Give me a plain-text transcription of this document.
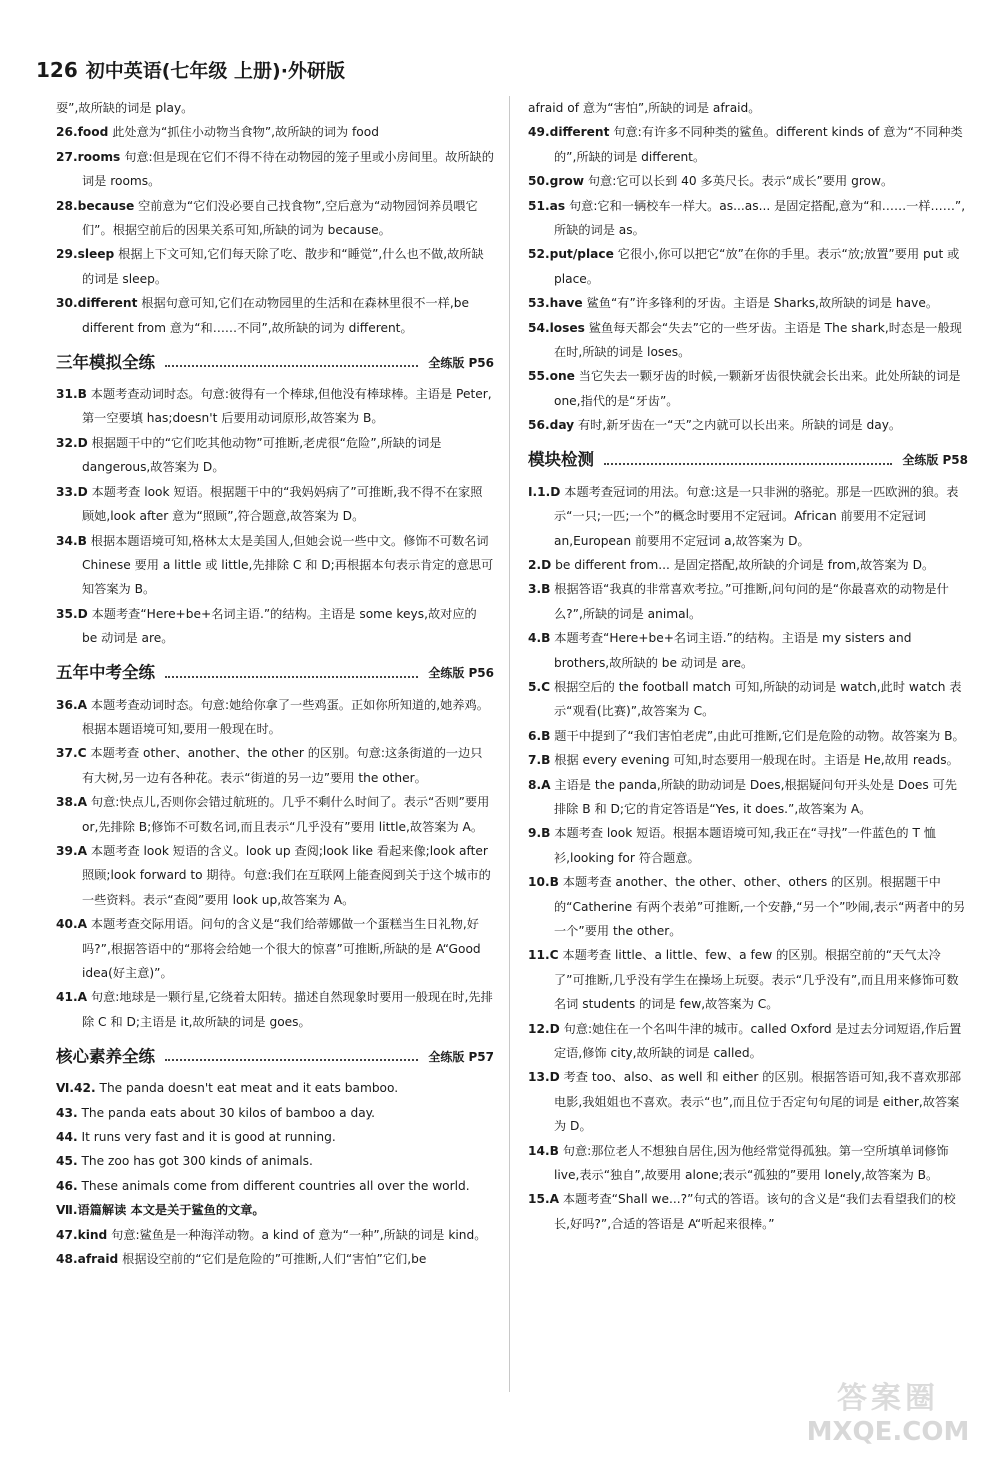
126 初中英语(七年级 上册)·外研版

耍”,故所缺的词是 play。

26.food 此处意为“抓住小动物当食物”,故所缺的词为 food

27.rooms 句意:但是现在它们不得不待在动物园的笼子里或小房间里。故所缺的词是 rooms。

28.because 空前意为“它们没必要自己找食物”,空后意为“动物园饲养员喂它们”。根据空前后的因果关系可知,所缺的词为 because。

29.sleep 根据上下文可知,它们每天除了吃、散步和“睡觉”,什么也不做,故所缺的词是 sleep。

30.different 根据句意可知,它们在动物园里的生活和在森林里很不一样,be different from 意为“和……不同”,故所缺的词为 different。

三年模拟全练	全练版 P56

31.B 本题考查动词时态。句意:彼得有一个棒球,但他没有棒球棒。主语是 Peter,第一空要填 has;doesn't 后要用动词原形,故答案为 B。

32.D 根据题干中的“它们吃其他动物”可推断,老虎很“危险”,所缺的词是 dangerous,故答案为 D。

33.D 本题考查 look 短语。根据题干中的“我妈妈病了”可推断,我不得不在家照顾她,look after 意为“照顾”,符合题意,故答案为 D。

34.B 根据本题语境可知,格林太太是美国人,但她会说一些中文。修饰不可数名词 Chinese 要用 a little 或 little,先排除 C 和 D;再根据本句表示肯定的意思可知答案为 B。

35.D 本题考查“Here+be+名词主语.”的结构。主语是 some keys,故对应的 be 动词是 are。

五年中考全练	全练版 P56

36.A 本题考查动词时态。句意:她给你拿了一些鸡蛋。正如你所知道的,她养鸡。根据本题语境可知,要用一般现在时。

37.C 本题考查 other、another、the other 的区别。句意:这条街道的一边只有大树,另一边有各种花。表示“街道的另一边”要用 the other。

38.A 句意:快点儿,否则你会错过航班的。几乎不剩什么时间了。表示“否则”要用 or,先排除 B;修饰不可数名词,而且表示“几乎没有”要用 little,故答案为 A。

39.A 本题考查 look 短语的含义。look up 查阅;look like 看起来像;look after 照顾;look forward to 期待。句意:我们在互联网上能查阅到关于这个城市的一些资料。表示“查阅”要用 look up,故答案为 A。

40.A 本题考查交际用语。问句的含义是“我们给蒂娜做一个蛋糕当生日礼物,好吗?”,根据答语中的“那将会给她一个很大的惊喜”可推断,所缺的是 A“Good idea(好主意)”。

41.A 句意:地球是一颗行星,它绕着太阳转。描述自然现象时要用一般现在时,先排除 C 和 D;主语是 it,故所缺的词是 goes。

核心素养全练	全练版 P57

Ⅵ.42. The panda doesn't eat meat and it eats bamboo.

43. The panda eats about 30 kilos of bamboo a day.

44. It runs very fast and it is good at running.

45. The zoo has got 300 kinds of animals.

46. These animals come from different countries all over the world.

Ⅶ.语篇解读 本文是关于鲨鱼的文章。

47.kind 句意:鲨鱼是一种海洋动物。a kind of 意为“一种”,所缺的词是 kind。

48.afraid 根据设空前的“它们是危险的”可推断,人们“害怕”它们,be

afraid of 意为“害怕”,所缺的词是 afraid。

49.different 句意:有许多不同种类的鲨鱼。different kinds of 意为“不同种类的”,所缺的词是 different。

50.grow 句意:它可以长到 40 多英尺长。表示“成长”要用 grow。

51.as 句意:它和一辆校车一样大。as...as... 是固定搭配,意为“和……一样……”,所缺的词是 as。

52.put/place 它很小,你可以把它“放”在你的手里。表示“放;放置”要用 put 或 place。

53.have 鲨鱼“有”许多锋利的牙齿。主语是 Sharks,故所缺的词是 have。

54.loses 鲨鱼每天都会“失去”它的一些牙齿。主语是 The shark,时态是一般现在时,所缺的词是 loses。

55.one 当它失去一颗牙齿的时候,一颗新牙齿很快就会长出来。此处所缺的词是 one,指代的是“牙齿”。

56.day 有时,新牙齿在一“天”之内就可以长出来。所缺的词是 day。

模块检测	全练版 P58

Ⅰ.1.D 本题考查冠词的用法。句意:这是一只非洲的骆驼。那是一匹欧洲的狼。表示“一只;一匹;一个”的概念时要用不定冠词。African 前要用不定冠词 an,European 前要用不定冠词 a,故答案为 D。

2.D be different from... 是固定搭配,故所缺的介词是 from,故答案为 D。

3.B 根据答语“我真的非常喜欢考拉。”可推断,问句问的是“你最喜欢的动物是什么?”,所缺的词是 animal。

4.B 本题考查“Here+be+名词主语.”的结构。主语是 my sisters and brothers,故所缺的 be 动词是 are。

5.C 根据空后的 the football match 可知,所缺的动词是 watch,此时 watch 表示“观看(比赛)”,故答案为 C。

6.B 题干中提到了“我们害怕老虎”,由此可推断,它们是危险的动物。故答案为 B。

7.B 根据 every evening 可知,时态要用一般现在时。主语是 He,故用 reads。

8.A 主语是 the panda,所缺的助动词是 Does,根据疑问句开头处是 Does 可先排除 B 和 D;它的肯定答语是“Yes, it does.”,故答案为 A。

9.B 本题考查 look 短语。根据本题语境可知,我正在“寻找”一件蓝色的 T 恤衫,looking for 符合题意。

10.B 本题考查 another、the other、other、others 的区别。根据题干中的“Catherine 有两个表弟”可推断,一个安静,“另一个”吵闹,表示“两者中的另一个”要用 the other。

11.C 本题考查 little、a little、few、a few 的区别。根据空前的“天气太冷了”可推断,几乎没有学生在操场上玩耍。表示“几乎没有”,而且用来修饰可数名词 students 的词是 few,故答案为 C。

12.D 句意:她住在一个名叫牛津的城市。called Oxford 是过去分词短语,作后置定语,修饰 city,故所缺的词是 called。

13.D 考查 too、also、as well 和 either 的区别。根据答语可知,我不喜欢那部电影,我姐姐也不喜欢。表示“也”,而且位于否定句句尾的词是 either,故答案为 D。

14.B 句意:那位老人不想独自居住,因为他经常觉得孤独。第一空所填单词修饰 live,表示“独自”,故要用 alone;表示“孤独的”要用 lonely,故答案为 B。

15.A 本题考查“Shall we...?”句式的答语。该句的含义是“我们去看望我们的校长,好吗?”,合适的答语是 A“听起来很棒。”

答案圈
MXQE.COM
